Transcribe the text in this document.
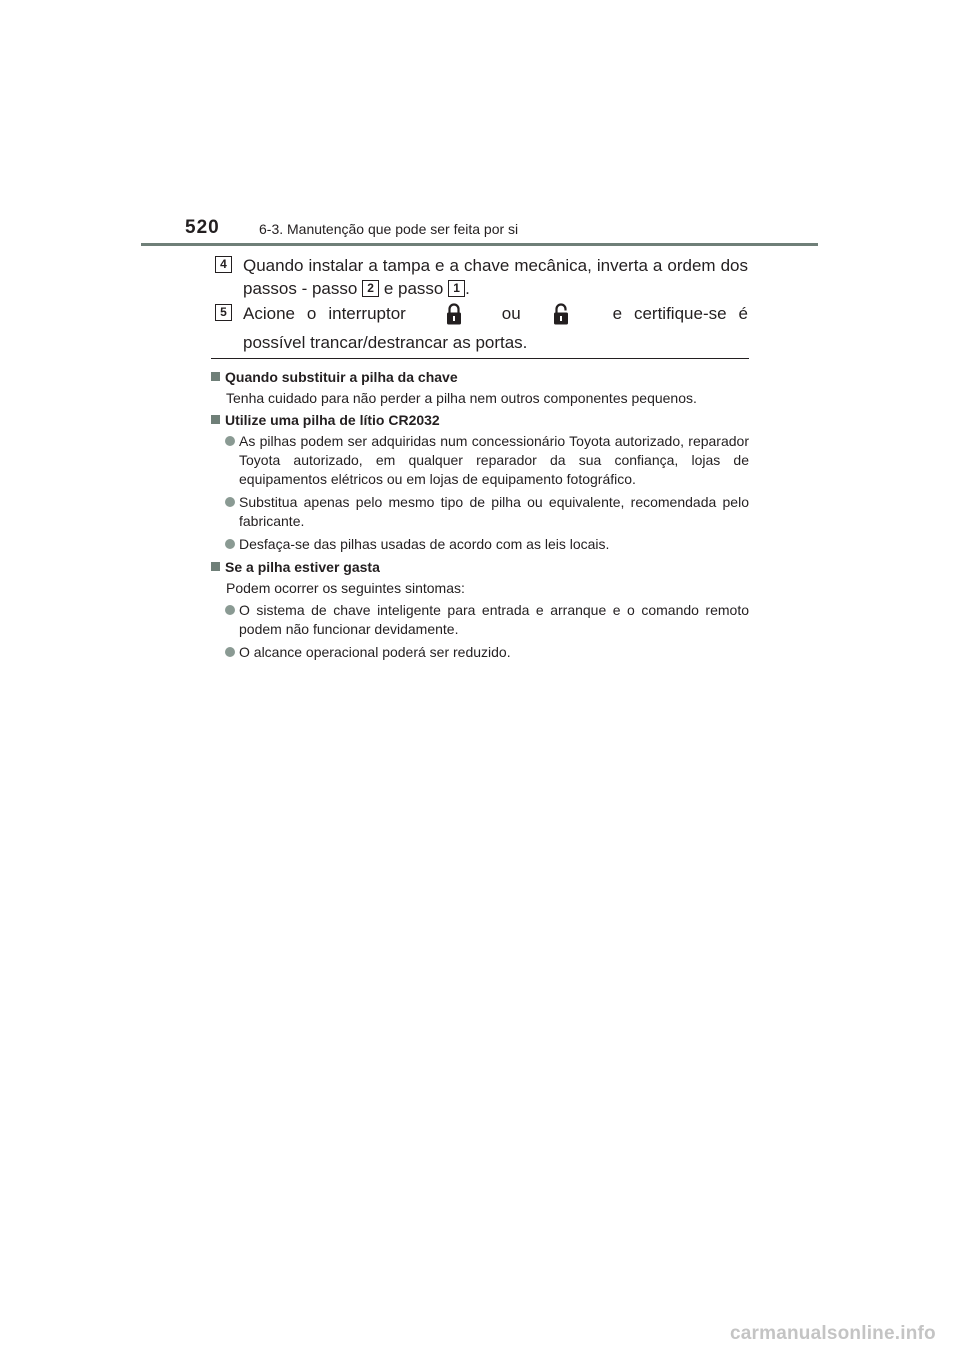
520	6-3. Manutenção que pode ser feita por si
4 Quando instalar a tampa e a chave mecânica, inverta a ordem dos passos - passo 2 e passo 1 .
5 Acione o interruptor	ou	e certifique-se é possível trancar/destrancar as portas.
Quando substituir a pilha da chave
Tenha cuidado para não perder a pilha nem outros componentes pequenos.
Utilize uma pilha de lítio CR2032
As pilhas podem ser adquiridas num concessionário Toyota autorizado, reparador Toyota autorizado, em qualquer reparador da sua confiança, lojas de equipamentos elétricos ou em lojas de equipamento fotográfico.
Substitua apenas pelo mesmo tipo de pilha ou equivalente, recomendada pelo fabricante.
Desfaça-se das pilhas usadas de acordo com as leis locais.
Se a pilha estiver gasta
Podem ocorrer os seguintes sintomas:
O sistema de chave inteligente para entrada e arranque e o comando remoto podem não funcionar devidamente.
O alcance operacional poderá ser reduzido.
carmanualsonline.info
